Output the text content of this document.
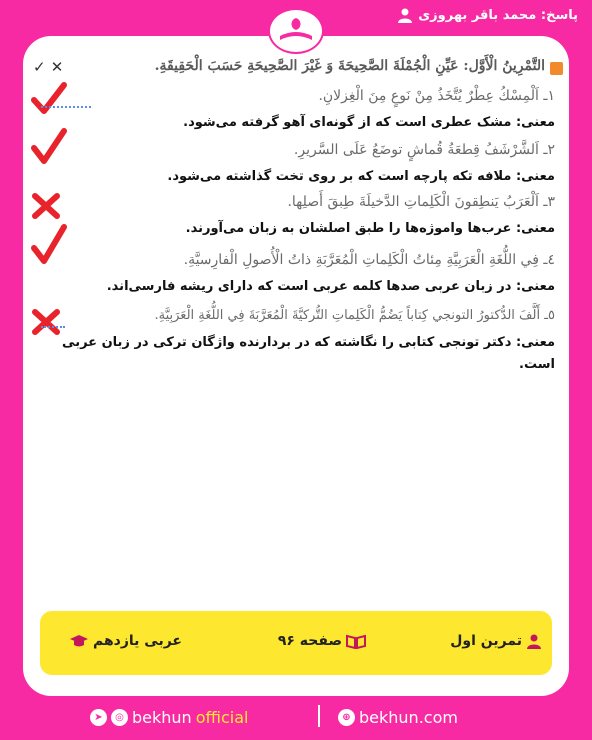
پاسخ: محمد باقر بهروزی
التَّمْرِينُ الْأَوَّل: عَيِّنِ الْجُمْلَةَ الصَّحِيحَةَ وَ غَيْرَ الصَّحِيحَةِ حَسَبَ الْحَقِيقَةِ.
✓ ✕
١ـ اَلْمِسْكُ عِطْرٌ يُتَّخَذُ مِنْ نَوعٍ مِنَ الْغِزلانِ.
معنی: مشک عطری است که از گونه‌ای آهو گرفته می‌شود.
٢ـ اَلشَّرْشَفُ قِطعَةُ قُماشٍ توضَعُ عَلَى السَّريرِ.
معنی: ملافه تکه پارچه است که بر روی تخت گذاشته می‌شود.
٣ـ اَلْعَرَبُ يَنطِقونَ الْكَلِماتِ الدَّخيلَةَ طِبقَ أَصلِها.
معنی: عرب‌ها واموژه‌ها را طبق اصلشان به زبان می‌آورند.
٤ـ فِي اللُّغَةِ الْعَرَبِيَّةِ مِئاتُ الْكَلِماتِ الْمُعَرَّبَةِ ذاتُ الْأُصولِ الْفارِسيَّةِ.
معنی: در زبان عربی صدها کلمه عربی است که دارای ریشه فارسی‌اند.
٥ـ أَلَّفَ الدُّكتورُ التونجي كِتاباً يَضُمُّ الْكَلِماتِ التُّركيَّةَ الْمُعَرَّبَةَ فِي اللُّغَةِ الْعَرَبِيَّةِ.
معنی: دکتر تونجی کتابی را نگاشته که در بردارنده واژگان ترکی در زبان عربی است.
تمرین اول
صفحه ۹۶
عربی یازدهم
➤	◎ bekhun official	⊕ bekhun.com
